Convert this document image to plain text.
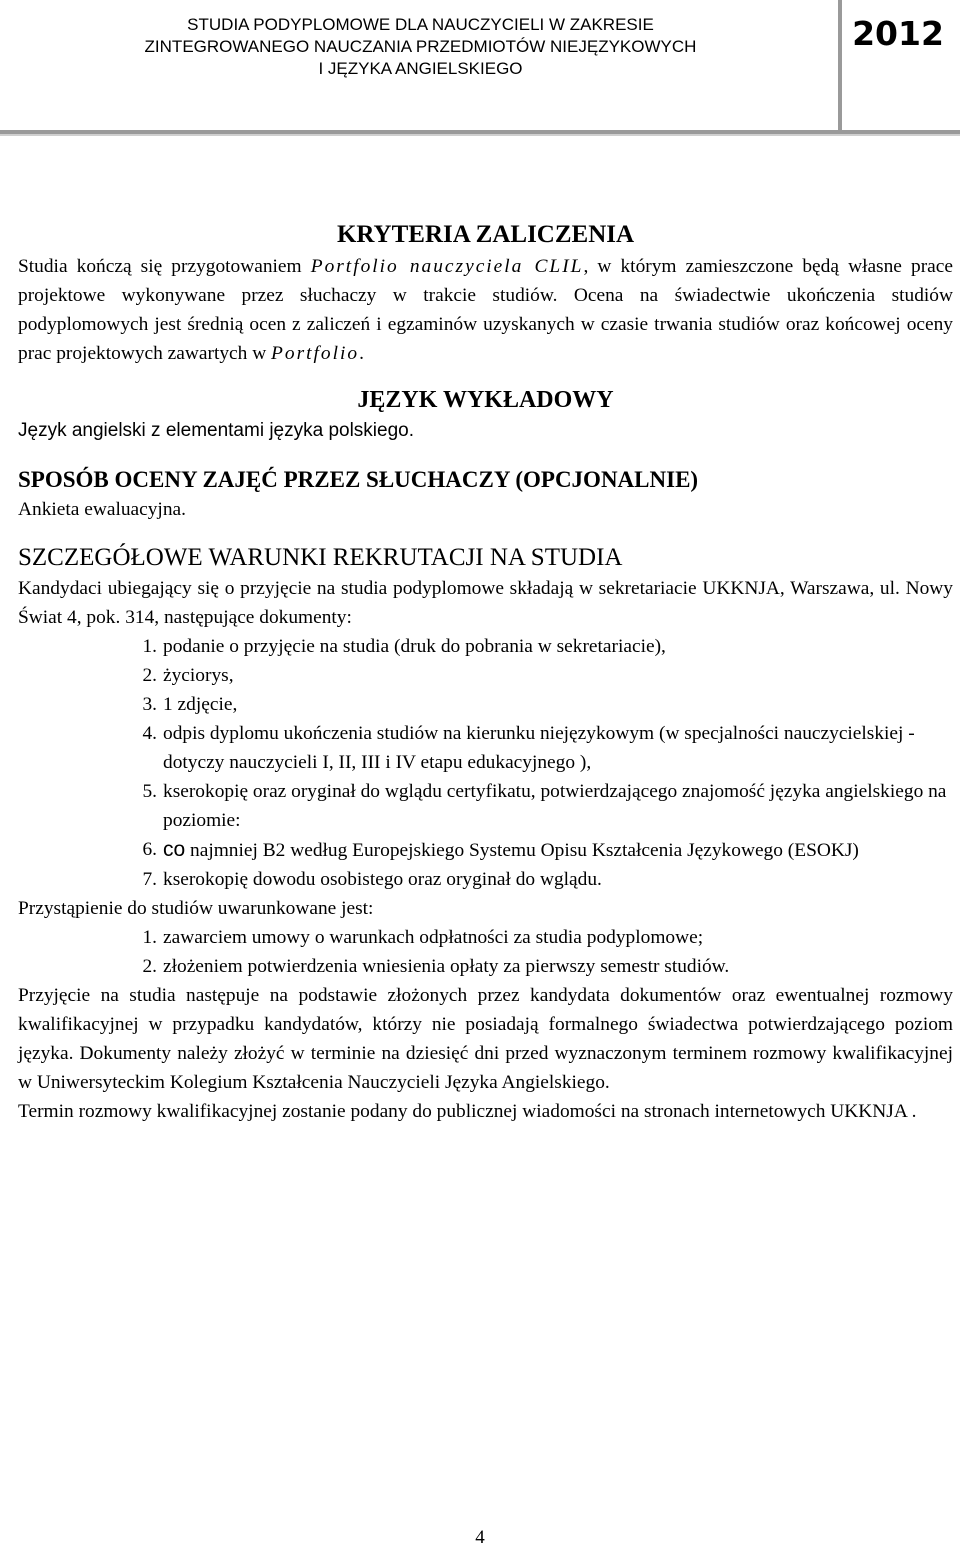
STUDIA PODYPLOMOWE DLA NAUCZYCIELI W ZAKRESIE
ZINTEGROWANEGO NAUCZANIA PRZEDMIOTÓW NIEJĘZYKOWYCH
I JĘZYKA ANGIELSKIEGO
2012
KRYTERIA ZALICZENIA

Studia kończą się przygotowaniem Portfolio nauczyciela CLIL, w którym zamieszczone będą własne prace projektowe wykonywane przez słuchaczy w trakcie studiów. Ocena na świadectwie ukończenia studiów podyplomowych jest średnią ocen z zaliczeń i egzaminów uzyskanych w czasie trwania studiów oraz końcowej oceny prac projektowych zawartych w Portfolio.

JĘZYK WYKŁADOWY

Język angielski z elementami języka polskiego.

SPOSÓB OCENY ZAJĘĆ PRZEZ SŁUCHACZY (OPCJONALNIE)

Ankieta ewaluacyjna.

SZCZEGÓŁOWE WARUNKI REKRUTACJI NA STUDIA

Kandydaci ubiegający się o przyjęcie na studia podyplomowe składają w sekretariacie UKKNJA, Warszawa, ul. Nowy Świat 4, pok. 314, następujące dokumenty:

1. podanie o przyjęcie na studia (druk do pobrania w sekretariacie),
2. życiorys,
3. 1 zdjęcie,
4. odpis dyplomu ukończenia studiów na kierunku niejęzykowym (w specjalności nauczycielskiej - dotyczy nauczycieli I, II, III i IV etapu edukacyjnego ),
5. kserokopię oraz oryginał do wglądu certyfikatu, potwierdzającego znajomość języka angielskiego na poziomie:
6. co najmniej B2 według Europejskiego Systemu Opisu Kształcenia Językowego (ESOKJ)
7. kserokopię dowodu osobistego oraz oryginał do wglądu.

Przystąpienie do studiów uwarunkowane jest:

1. zawarciem umowy o warunkach odpłatności za studia podyplomowe;
2. złożeniem potwierdzenia wniesienia opłaty za pierwszy semestr studiów.

Przyjęcie na studia następuje na podstawie złożonych przez kandydata dokumentów oraz ewentualnej rozmowy kwalifikacyjnej w przypadku kandydatów, którzy nie posiadają formalnego świadectwa potwierdzającego poziom języka. Dokumenty należy złożyć w terminie na dziesięć dni przed wyznaczonym terminem rozmowy kwalifikacyjnej w Uniwersyteckim Kolegium Kształcenia Nauczycieli Języka Angielskiego.

Termin rozmowy kwalifikacyjnej zostanie podany do publicznej wiadomości na stronach internetowych UKKNJA .

4
